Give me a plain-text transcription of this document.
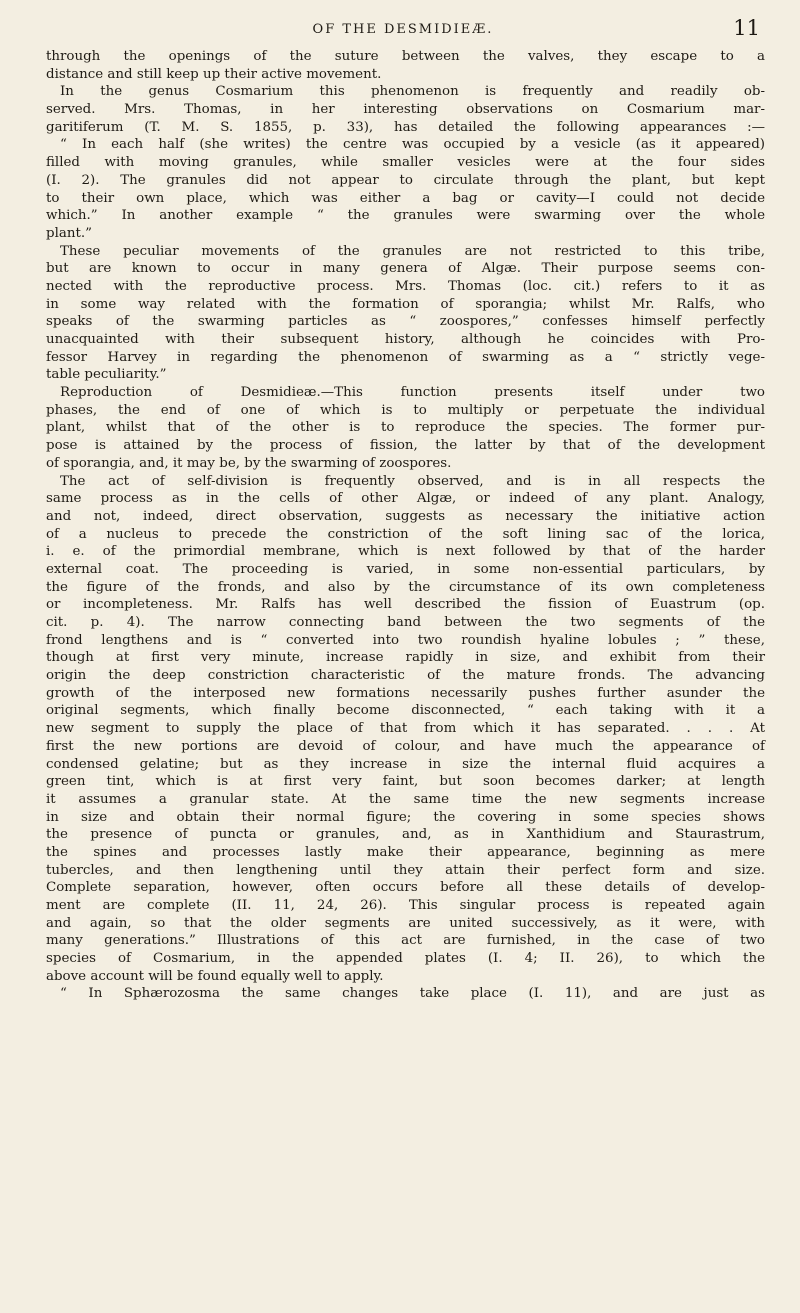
OF THE DESMIDIEÆ.	11
through the openings of the suture between the valves, they escape to a
distance and still keep up their active movement.
In the genus Cosmarium this phenomenon is frequently and readily ob-
served. Mrs. Thomas, in her interesting observations on Cosmarium mar-
garitiferum (T. M. S. 1855, p. 33), has detailed the following appearances :—
“ In each half (she writes) the centre was occupied by a vesicle (as it appeared)
filled with moving granules, while smaller vesicles were at the four sides
(I. 2). The granules did not appear to circulate through the plant, but kept
to their own place, which was either a bag or cavity—I could not decide
which.” In another example “ the granules were swarming over the whole
plant.”
These peculiar movements of the granules are not restricted to this tribe,
but are known to occur in many genera of Algæ. Their purpose seems con-
nected with the reproductive process. Mrs. Thomas (loc. cit.) refers to it as
in some way related with the formation of sporangia; whilst Mr. Ralfs, who
speaks of the swarming particles as “ zoospores,” confesses himself perfectly
unacquainted with their subsequent history, although he coincides with Pro-
fessor Harvey in regarding the phenomenon of swarming as a “ strictly vege-
table peculiarity.”
Reproduction of Desmidieæ.—This function presents itself under two
phases, the end of one of which is to multiply or perpetuate the individual
plant, whilst that of the other is to reproduce the species. The former pur-
pose is attained by the process of fission, the latter by that of the development
of sporangia, and, it may be, by the swarming of zoospores.
The act of self-division is frequently observed, and is in all respects the
same process as in the cells of other Algæ, or indeed of any plant. Analogy,
and not, indeed, direct observation, suggests as necessary the initiative action
of a nucleus to precede the constriction of the soft lining sac of the lorica,
i. e. of the primordial membrane, which is next followed by that of the harder
external coat. The proceeding is varied, in some non-essential particulars, by
the figure of the fronds, and also by the circumstance of its own completeness
or incompleteness. Mr. Ralfs has well described the fission of Euastrum (op.
cit. p. 4). The narrow connecting band between the two segments of the
frond lengthens and is “ converted into two roundish hyaline lobules ; ” these,
though at first very minute, increase rapidly in size, and exhibit from their
origin the deep constriction characteristic of the mature fronds. The advancing
growth of the interposed new formations necessarily pushes further asunder the
original segments, which finally become disconnected, “ each taking with it a
new segment to supply the place of that from which it has separated. . . . At
first the new portions are devoid of colour, and have much the appearance of
condensed gelatine; but as they increase in size the internal fluid acquires a
green tint, which is at first very faint, but soon becomes darker; at length
it assumes a granular state. At the same time the new segments increase
in size and obtain their normal figure; the covering in some species shows
the presence of puncta or granules, and, as in Xanthidium and Staurastrum,
the spines and processes lastly make their appearance, beginning as mere
tubercles, and then lengthening until they attain their perfect form and size.
Complete separation, however, often occurs before all these details of develop-
ment are complete (II. 11, 24, 26). This singular process is repeated again
and again, so that the older segments are united successively, as it were, with
many generations.” Illustrations of this act are furnished, in the case of two
species of Cosmarium, in the appended plates (I. 4; II. 26), to which the
above account will be found equally well to apply.
“ In Sphærozosma the same changes take place (I. 11), and are just as
